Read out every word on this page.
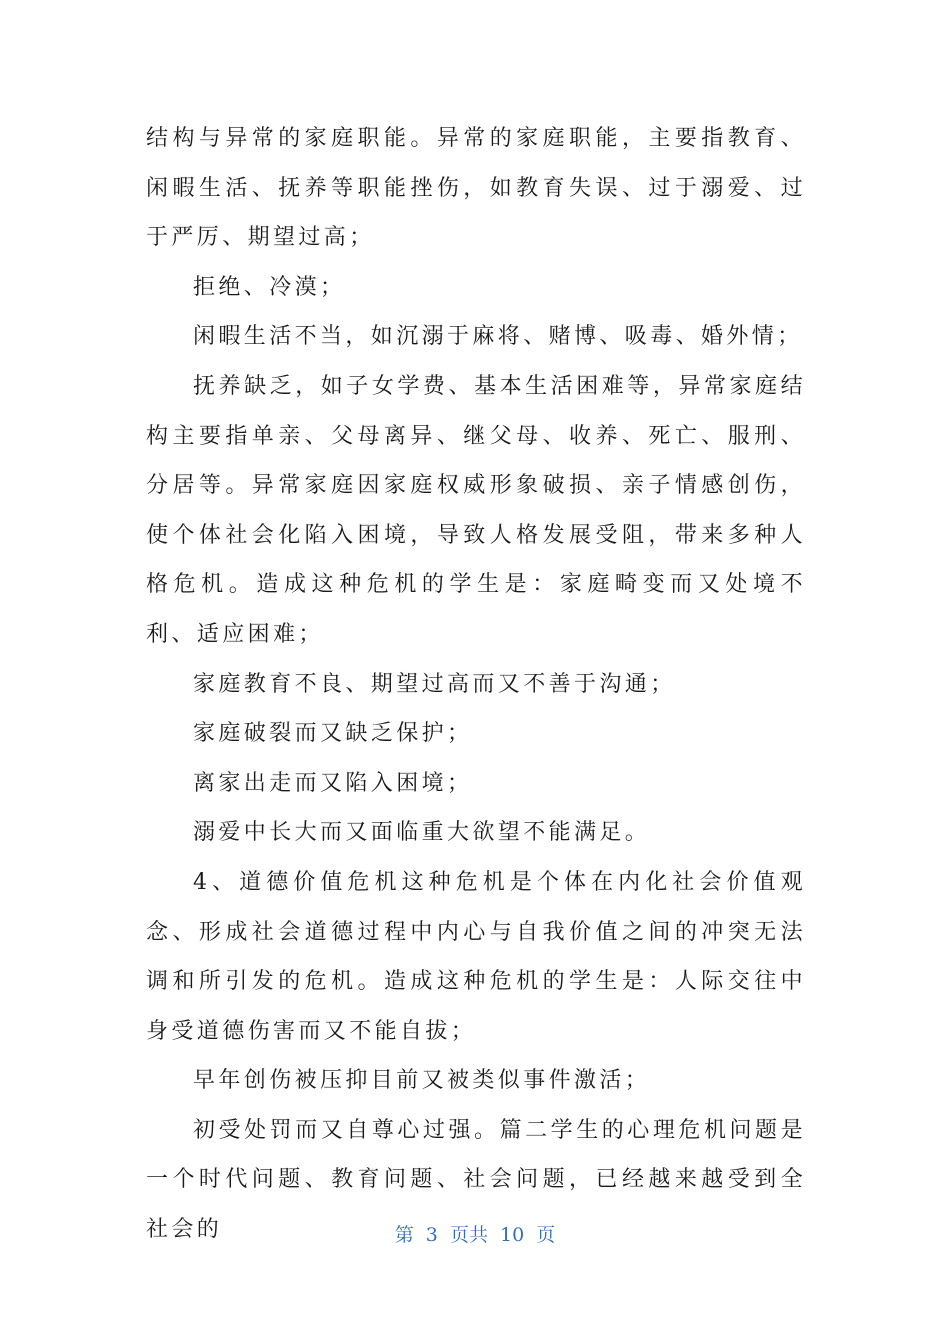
结构与异常的家庭职能。异常的家庭职能，主要指教育、闲暇生活、抚养等职能挫伤，如教育失误、过于溺爱、过于严厉、期望过高；

拒绝、冷漠；

闲暇生活不当，如沉溺于麻将、赌博、吸毒、婚外情；

抚养缺乏，如子女学费、基本生活困难等，异常家庭结构主要指单亲、父母离异、继父母、收养、死亡、服刑、分居等。异常家庭因家庭权威形象破损、亲子情感创伤，使个体社会化陷入困境，导致人格发展受阻，带来多种人格危机。造成这种危机的学生是：家庭畸变而又处境不利、适应困难；

家庭教育不良、期望过高而又不善于沟通；

家庭破裂而又缺乏保护；

离家出走而又陷入困境；

溺爱中长大而又面临重大欲望不能满足。

4、道德价值危机这种危机是个体在内化社会价值观念、形成社会道德过程中内心与自我价值之间的冲突无法调和所引发的危机。造成这种危机的学生是：人际交往中身受道德伤害而又不能自拔；

早年创伤被压抑目前又被类似事件激活；

初受处罚而又自尊心过强。篇二学生的心理危机问题是一个时代问题、教育问题、社会问题，已经越来越受到全社会的	第  3  页共  10  页
